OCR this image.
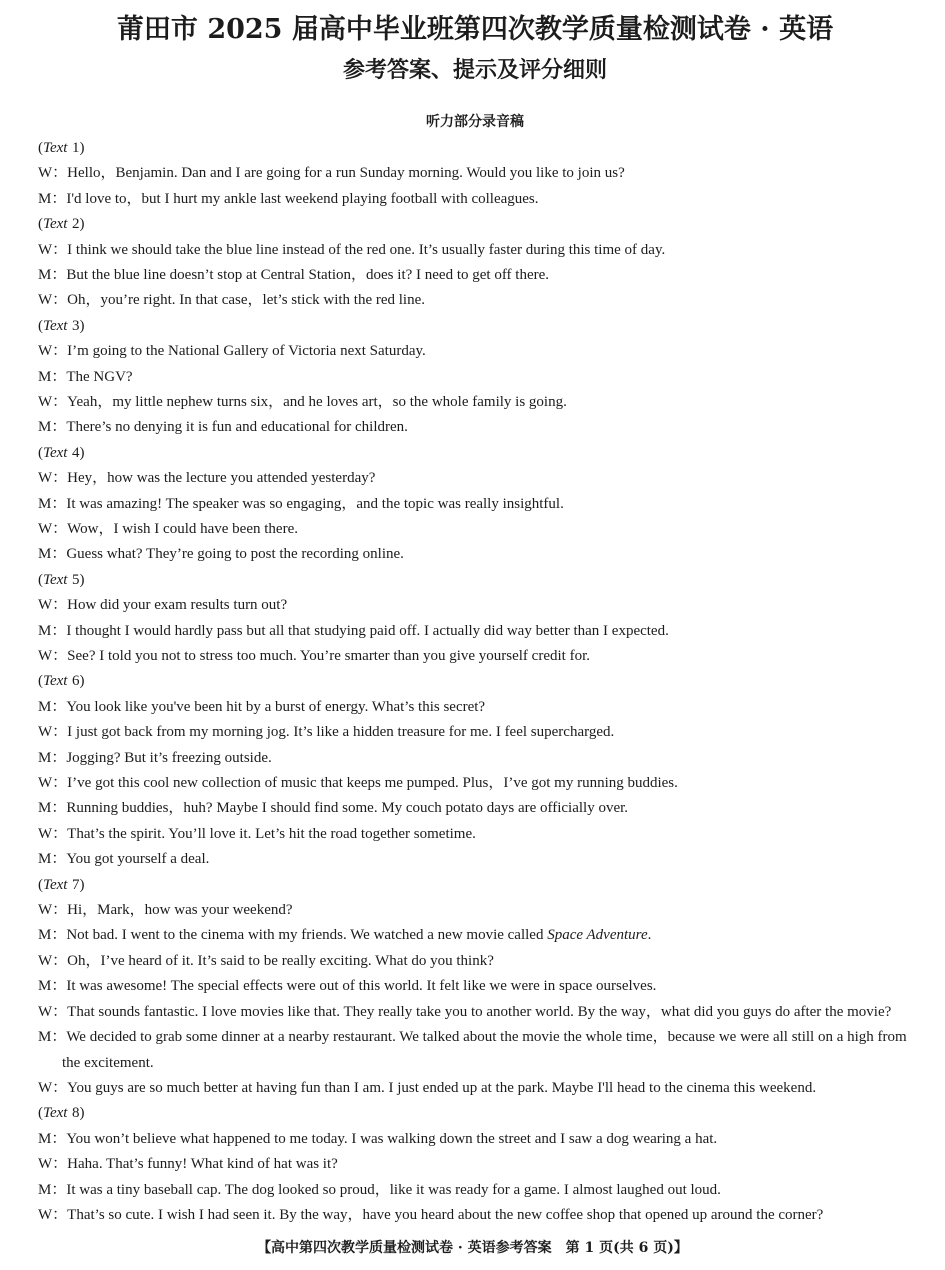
莆田市 2025 届高中毕业班第四次教学质量检测试卷 · 英语
参考答案、提示及评分细则
听力部分录音稿
(Text 1)
W：Hello，Benjamin. Dan and I are going for a run Sunday morning. Would you like to join us?
M：I'd love to，but I hurt my ankle last weekend playing football with colleagues.
(Text 2)
W：I think we should take the blue line instead of the red one. It’s usually faster during this time of day.
M：But the blue line doesn’t stop at Central Station，does it? I need to get off there.
W：Oh，you’re right. In that case，let’s stick with the red line.
(Text 3)
W：I’m going to the National Gallery of Victoria next Saturday.
M：The NGV?
W：Yeah，my little nephew turns six，and he loves art，so the whole family is going.
M：There’s no denying it is fun and educational for children.
(Text 4)
W：Hey，how was the lecture you attended yesterday?
M：It was amazing! The speaker was so engaging，and the topic was really insightful.
W：Wow，I wish I could have been there.
M：Guess what? They’re going to post the recording online.
(Text 5)
W：How did your exam results turn out?
M：I thought I would hardly pass but all that studying paid off. I actually did way better than I expected.
W：See? I told you not to stress too much. You’re smarter than you give yourself credit for.
(Text 6)
M：You look like you've been hit by a burst of energy. What’s this secret?
W：I just got back from my morning jog. It’s like a hidden treasure for me. I feel supercharged.
M：Jogging? But it’s freezing outside.
W：I’ve got this cool new collection of music that keeps me pumped. Plus，I’ve got my running buddies.
M：Running buddies，huh? Maybe I should find some. My couch potato days are officially over.
W：That’s the spirit. You’ll love it. Let’s hit the road together sometime.
M：You got yourself a deal.
(Text 7)
W：Hi，Mark，how was your weekend?
M：Not bad. I went to the cinema with my friends. We watched a new movie called Space Adventure.
W：Oh，I’ve heard of it. It’s said to be really exciting. What do you think?
M：It was awesome! The special effects were out of this world. It felt like we were in space ourselves.
W：That sounds fantastic. I love movies like that. They really take you to another world. By the way，what did you guys do after the movie?
M：We decided to grab some dinner at a nearby restaurant. We talked about the movie the whole time，because we were all still on a high from the excitement.
W：You guys are so much better at having fun than I am. I just ended up at the park. Maybe I'll head to the cinema this weekend.
(Text 8)
M：You won’t believe what happened to me today. I was walking down the street and I saw a dog wearing a hat.
W：Haha. That’s funny! What kind of hat was it?
M：It was a tiny baseball cap. The dog looked so proud，like it was ready for a game. I almost laughed out loud.
W：That’s so cute. I wish I had seen it. By the way，have you heard about the new coffee shop that opened up around the corner?
【高中第四次教学质量检测试卷 · 英语参考答案　第 1 页(共 6 页)】
